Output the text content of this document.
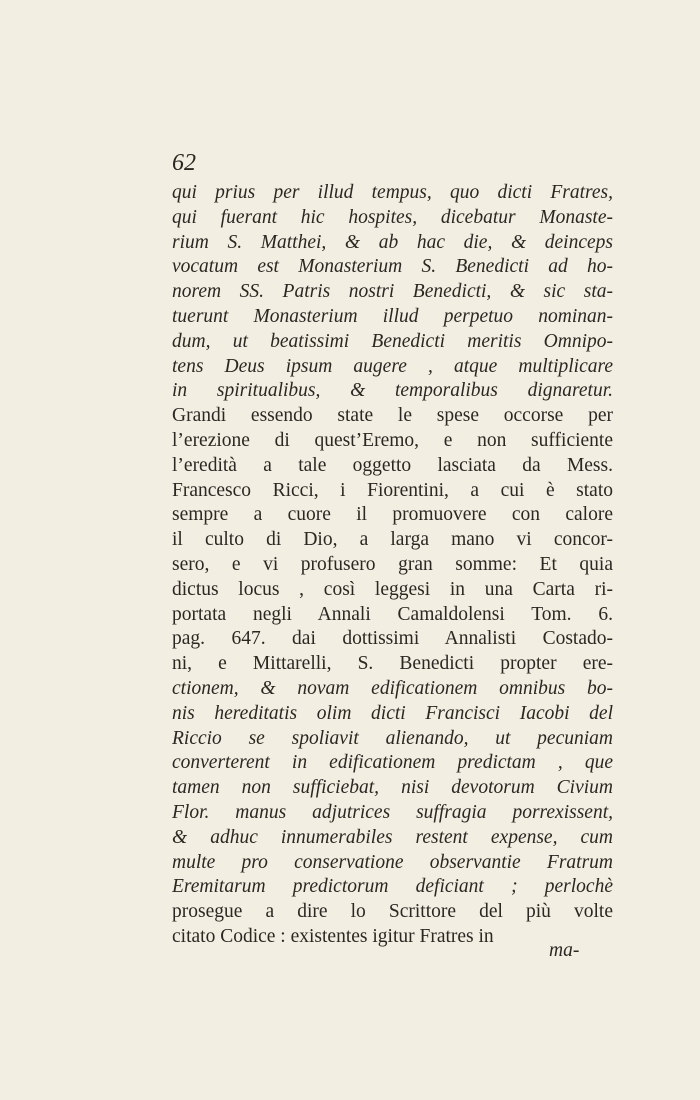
62
qui prius per illud tempus, quo dicti Fratres,
qui fuerant hic hospites, dicebatur Monaste-
rium S. Matthei, & ab hac die, & deinceps
vocatum est Monasterium S. Benedicti ad ho-
norem SS. Patris nostri Benedicti, & sic sta-
tuerunt Monasterium illud perpetuo nominan-
dum, ut beatissimi Benedicti meritis Omnipo-
tens Deus ipsum augere , atque multiplicare
in spiritualibus, & temporalibus dignaretur.
Grandi essendo state le spese occorse per
l’erezione di quest’Eremo, e non sufficiente
l’eredità a tale oggetto lasciata da Mess.
Francesco Ricci, i Fiorentini, a cui è stato
sempre a cuore il promuovere con calore
il culto di Dio, a larga mano vi concor-
sero, e vi profusero gran somme: Et quia
dictus locus , così leggesi in una Carta ri-
portata negli Annali Camaldolensi Tom. 6.
pag. 647. dai dottissimi Annalisti Costado-
ni, e Mittarelli, S. Benedicti propter ere-
ctionem, & novam edificationem omnibus bo-
nis hereditatis olim dicti Francisci Iacobi del
Riccio se spoliavit alienando, ut pecuniam
converterent in edificationem predictam , que
tamen non sufficiebat, nisi devotorum Civium
Flor. manus adjutrices suffragia porrexissent,
& adhuc innumerabiles restent expense, cum
multe pro conservatione observantie Fratrum
Eremitarum predictorum deficiant ; perlochè
prosegue a dire lo Scrittore del più volte
citato Codice : existentes igitur Fratres in
ma-
